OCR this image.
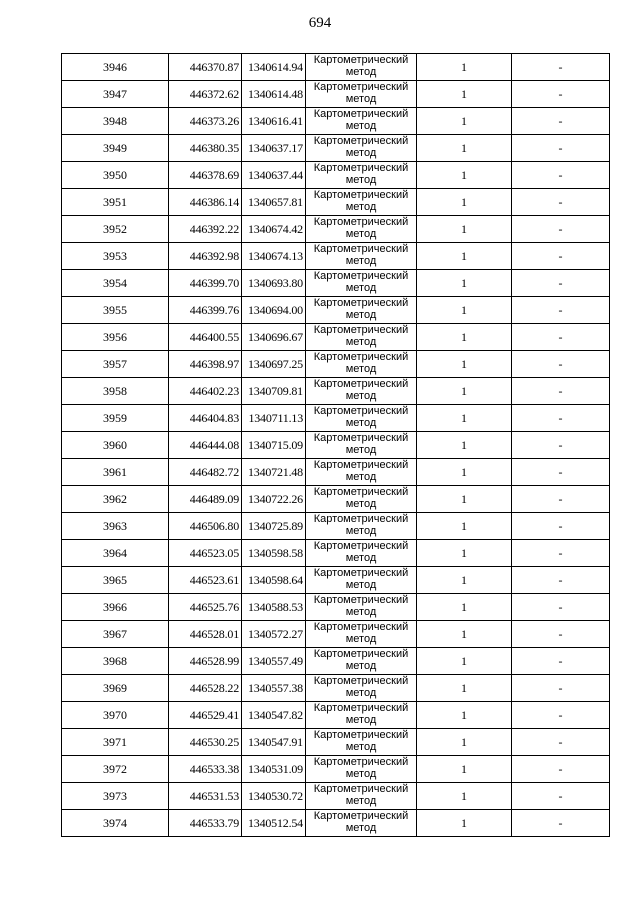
694
3946	446370.87	1340614.94	Картометрический
метод	1	-
3947	446372.62	1340614.48	Картометрический
метод	1	-
3948	446373.26	1340616.41	Картометрический
метод	1	-
3949	446380.35	1340637.17	Картометрический
метод	1	-
3950	446378.69	1340637.44	Картометрический
метод	1	-
3951	446386.14	1340657.81	Картометрический
метод	1	-
3952	446392.22	1340674.42	Картометрический
метод	1	-
3953	446392.98	1340674.13	Картометрический
метод	1	-
3954	446399.70	1340693.80	Картометрический
метод	1	-
3955	446399.76	1340694.00	Картометрический
метод	1	-
3956	446400.55	1340696.67	Картометрический
метод	1	-
3957	446398.97	1340697.25	Картометрический
метод	1	-
3958	446402.23	1340709.81	Картометрический
метод	1	-
3959	446404.83	1340711.13	Картометрический
метод	1	-
3960	446444.08	1340715.09	Картометрический
метод	1	-
3961	446482.72	1340721.48	Картометрический
метод	1	-
3962	446489.09	1340722.26	Картометрический
метод	1	-
3963	446506.80	1340725.89	Картометрический
метод	1	-
3964	446523.05	1340598.58	Картометрический
метод	1	-
3965	446523.61	1340598.64	Картометрический
метод	1	-
3966	446525.76	1340588.53	Картометрический
метод	1	-
3967	446528.01	1340572.27	Картометрический
метод	1	-
3968	446528.99	1340557.49	Картометрический
метод	1	-
3969	446528.22	1340557.38	Картометрический
метод	1	-
3970	446529.41	1340547.82	Картометрический
метод	1	-
3971	446530.25	1340547.91	Картометрический
метод	1	-
3972	446533.38	1340531.09	Картометрический
метод	1	-
3973	446531.53	1340530.72	Картометрический
метод	1	-
3974	446533.79	1340512.54	Картометрический
метод	1	-
